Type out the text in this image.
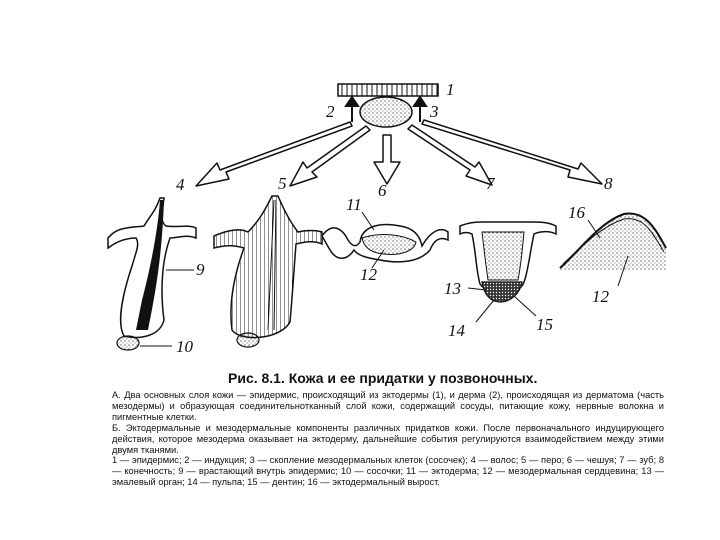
1
2	3
4	5	6	7	8
9
10
11
12
12
13
14	15
16
Рис. 8.1. Кожа и ее придатки у позвоночных.

А. Два основных слоя кожи — эпидермис, происходящий из эктодермы (1), и дерма (2), происходящая из дерматома (часть мезодермы) и образующая соединительнотканный слой кожи, содержащий сосуды, питающие кожу, нервные волокна и пигментные клетки.

Б. Эктодермальные и мезодермальные компоненты различных придатков кожи. После первоначального индуцирующего действия, которое мезодерма оказывает на эктодерму, дальнейшие события регулируются взаимодействием между этими двумя тканями.

1 — эпидермис; 2 — индукция; 3 — скопление мезодермальных клеток (сосочек); 4 — волос; 5 — перо; 6 — чешуя; 7 — зуб; 8 — конечность; 9 — врастающий внутрь эпидермис; 10 — сосочки; 11 — эктодерма; 12 — мезодермальная сердцевина; 13 — эмалевый орган; 14 — пульпа; 15 — дентин; 16 — эктодермальный вырост.
